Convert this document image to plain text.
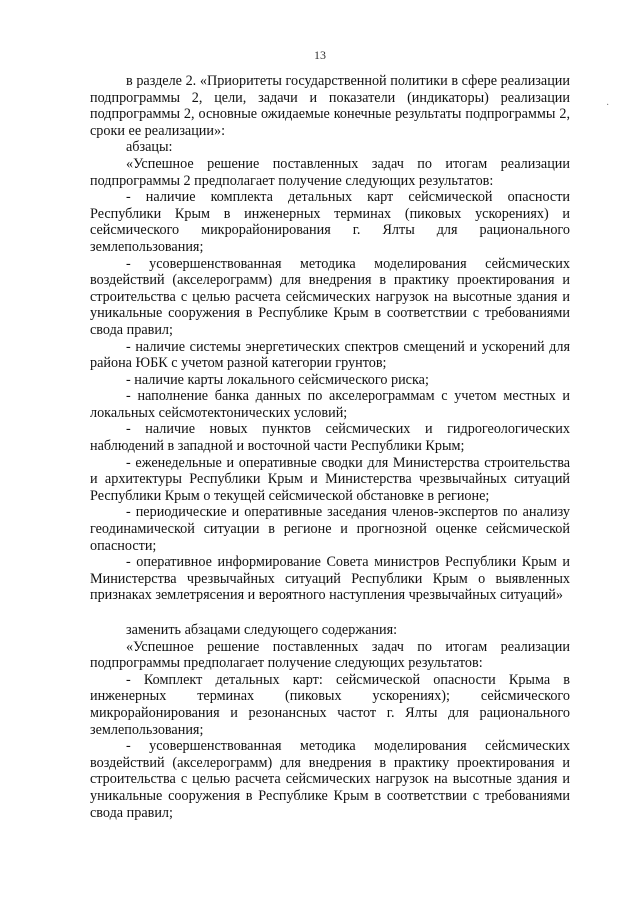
13
·

в разделе 2. «Приоритеты государственной политики в сфере реализации подпрограммы 2, цели, задачи и показатели (индикаторы) реализации подпрограммы 2, основные ожидаемые конечные результаты подпрограммы 2, сроки ее реализации»:

абзацы:

«Успешное решение поставленных задач по итогам реализации подпрограммы 2 предполагает получение следующих результатов:

- наличие комплекта детальных карт сейсмической опасности Республики Крым в инженерных терминах (пиковых ускорениях) и сейсмического микрорайонирования г. Ялты для рационального землепользования;

- усовершенствованная методика моделирования сейсмических воздействий (акселерограмм) для внедрения в практику проектирования и строительства с целью расчета сейсмических нагрузок на высотные здания и уникальные сооружения в Республике Крым в соответствии с требованиями свода правил;

- наличие системы энергетических спектров смещений и ускорений для района ЮБК с учетом разной категории грунтов;

- наличие карты локального сейсмического риска;

- наполнение банка данных по акселерограммам с учетом местных и локальных сейсмотектонических условий;

- наличие новых пунктов сейсмических и гидрогеологических наблюдений в западной и восточной части Республики Крым;

- еженедельные и оперативные сводки для Министерства строительства и архитектуры Республики Крым и Министерства чрезвычайных ситуаций Республики Крым о текущей сейсмической обстановке в регионе;

- периодические и оперативные заседания членов-экспертов по анализу геодинамической ситуации в регионе и прогнозной оценке сейсмической опасности;

- оперативное информирование Совета министров Республики Крым и Министерства чрезвычайных ситуаций Республики Крым о выявленных признаках землетрясения и вероятного наступления чрезвычайных ситуаций»

заменить абзацами следующего содержания:

«Успешное решение поставленных задач по итогам реализации подпрограммы предполагает получение следующих результатов:

- Комплект детальных карт: сейсмической опасности Крыма в инженерных терминах (пиковых ускорениях); сейсмического микрорайонирования и резонансных частот г. Ялты для рационального землепользования;

- усовершенствованная методика моделирования сейсмических воздействий (акселерограмм) для внедрения в практику проектирования и строительства с целью расчета сейсмических нагрузок на высотные здания и уникальные сооружения в Республике Крым в соответствии с требованиями свода правил;
